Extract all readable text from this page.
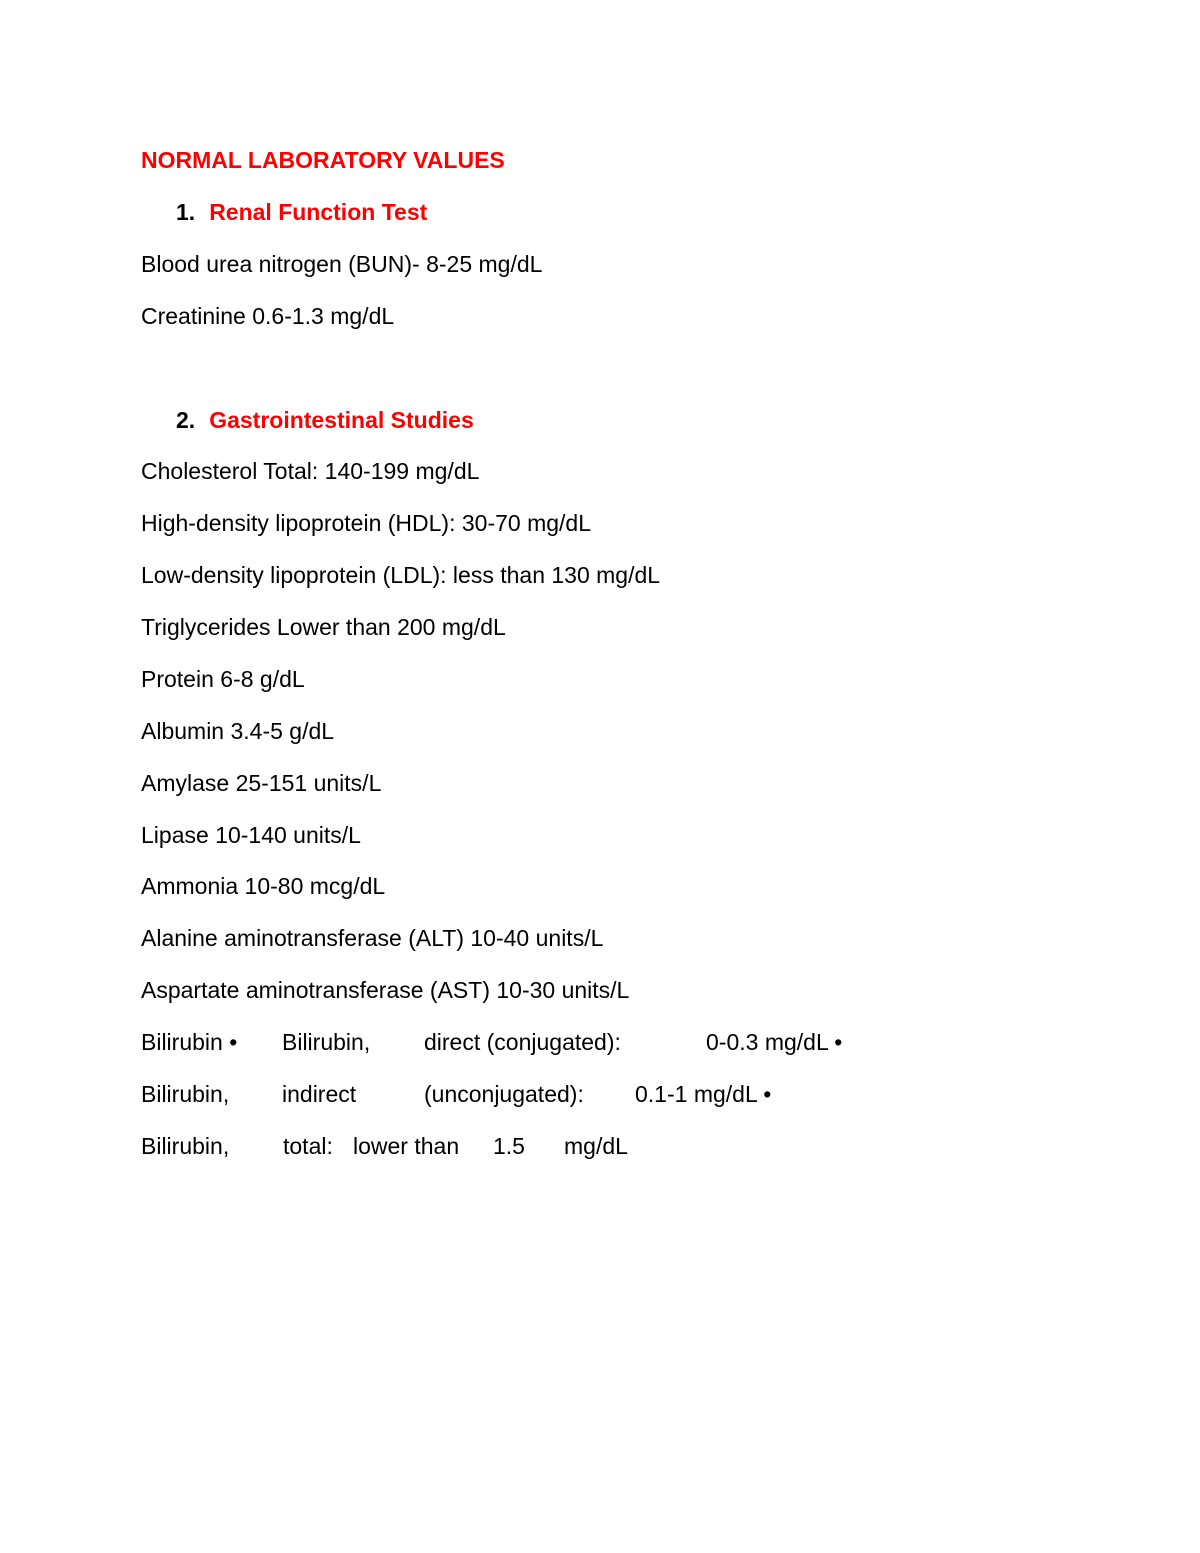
NORMAL LABORATORY VALUES
1. Renal Function Test
Blood urea nitrogen (BUN)- 8-25 mg/dL
Creatinine 0.6-1.3 mg/dL
2. Gastrointestinal Studies
Cholesterol Total: 140-199 mg/dL
High-density lipoprotein (HDL): 30-70 mg/dL
Low-density lipoprotein (LDL): less than 130 mg/dL
Triglycerides Lower than 200 mg/dL
Protein 6-8 g/dL
Albumin 3.4-5 g/dL
Amylase 25-151 units/L
Lipase 10-140 units/L
Ammonia 10-80 mcg/dL
Alanine aminotransferase (ALT) 10-40 units/L
Aspartate aminotransferase (AST) 10-30 units/L
Bilirubin • Bilirubin, direct (conjugated):	0-0.3 mg/dL •
Bilirubin, indirect	(unconjugated): 0.1-1 mg/dL •
Bilirubin, total: lower than 1.5 mg/dL
